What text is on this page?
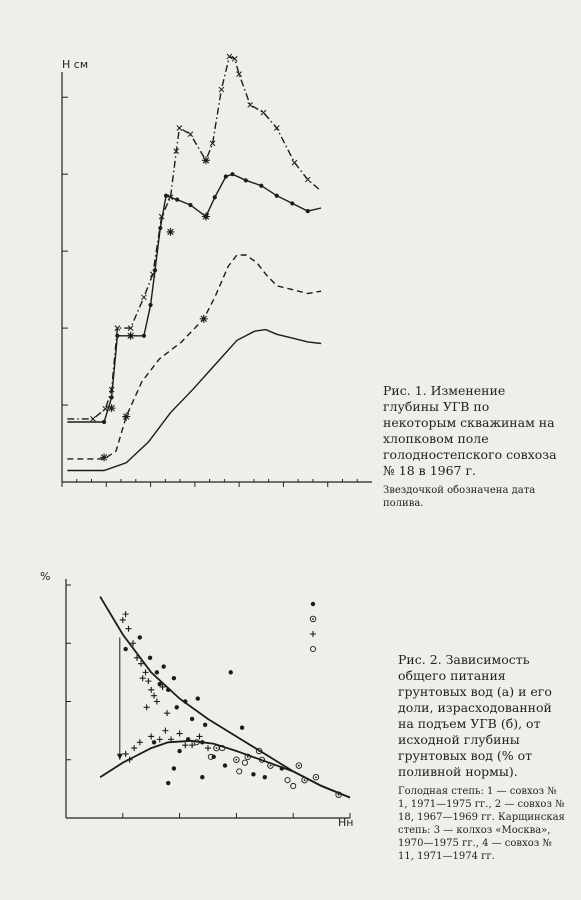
Н см
%
Нн
Рис. 1. Изменение глубины УГВ по некоторым скважинам на хлопковом поле голодностепского совхоза № 18 в 1967 г.
Звездочкой обозначена дата полива.
Рис. 2. Зависимость общего питания грунтовых вод (а) и его доли, израсходованной на подъем УГВ (б), от исходной глубины грунтовых вод (% от поливной нормы).
Голодная степь: 1 — совхоз № 1, 1971—1975 гг., 2 — совхоз № 18, 1967—1969 гг. Карщинская степь: 3 — колхоз «Москва», 1970—1975 гг., 4 — совхоз № 11, 1971—1974 гг.
